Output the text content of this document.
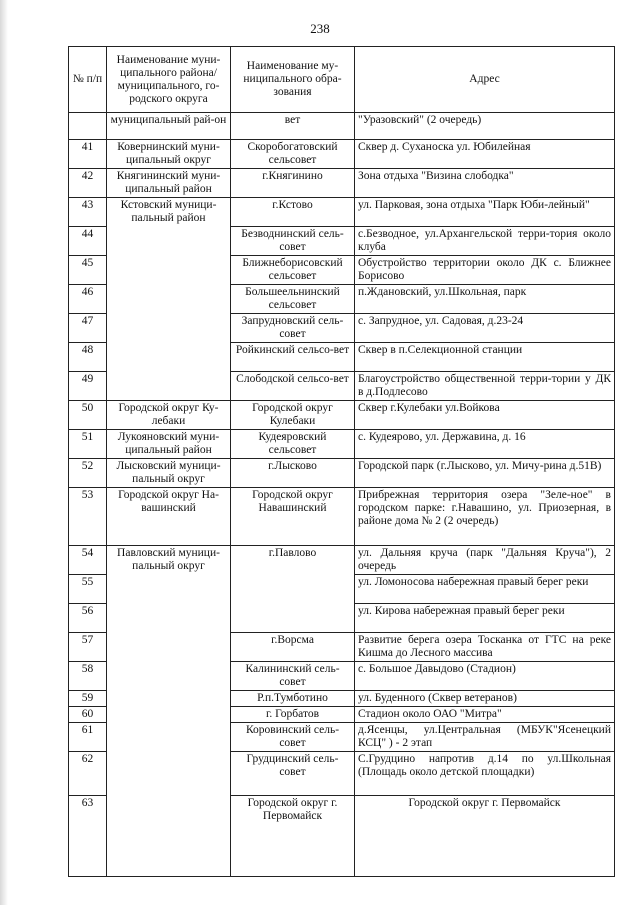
238
№ п/п	Наименование муни-ципального района/ муниципального, го-родского округа	Наименование му-ниципального обра-зования	Адрес	
	муниципальный рай-он	вет	"Уразовский" (2 очередь)	
41	Ковернинский муни-ципальный округ	Скоробогатовский сельсовет	Сквер д. Суханоска ул. Юбилейная	
42	Княгининский муни-ципальный район	г.Княгинино	Зона отдыха "Визина слободка"	
43	Кстовский муници-пальный район	г.Кстово	ул. Парковая, зона отдыха "Парк Юби-лейный"	
44		Безводнинский сель-совет	с.Безводное, ул.Архангельской терри-тория около клуба	
45		Ближнеборисовский сельсовет	Обустройство территории около ДК с. Ближнее Борисово	
46		Большеельнинский сельсовет	п.Ждановский, ул.Школьная, парк	
47		Запрудновский сель-совет	с. Запрудное, ул. Садовая, д.23-24	
48		Ройкинский сельсо-вет	Сквер в п.Селекционной станции	
49		Слободской сельсо-вет	Благоустройство общественной терри-тории у ДК в д.Подлесово	
50	Городской округ Ку-лебаки	Городской округ Кулебаки	Сквер г.Кулебаки ул.Войкова	
51	Лукояновский муни-ципальный район	Кудеяровский сельсовет	с. Кудеярово, ул. Державина, д. 16	
52	Лысковский муници-пальный округ	г.Лысково	Городской парк (г.Лысково, ул. Мичу-рина д.51В)	
53	Городской округ На-вашинский	Городской округ Навашинский	Прибрежная территория озера "Зеле-ное" в городском парке: г.Навашино, ул. Приозерная, в районе дома № 2 (2 очередь)	
54	Павловский муници-пальный округ	г.Павлово	ул. Дальняя круча (парк "Дальняя Круча"), 2 очередь	
55			ул. Ломоносова набережная правый берег реки	
56			ул. Кирова набережная правый берег реки	
57		г.Ворсма	Развитие берега озера Тосканка от ГТС на реке Кишма до Лесного массива	
58		Калининский сель-совет	с. Большое Давыдово (Стадион)	
59		Р.п.Тумботино	ул. Буденного (Сквер ветеранов)	
60		г. Горбатов	Стадион около ОАО "Митра"	
61		Коровинский сель-совет	д.Ясенцы, ул.Центральная (МБУК"Ясенецкий КСЦ" ) - 2 этап	
62		Грудцинский сель-совет	С.Грудцино напротив д.14 по ул.Школьная (Площадь около детской площадки)	
63		Городской округ г. Первомайск	Городской округ г. Первомайск	
